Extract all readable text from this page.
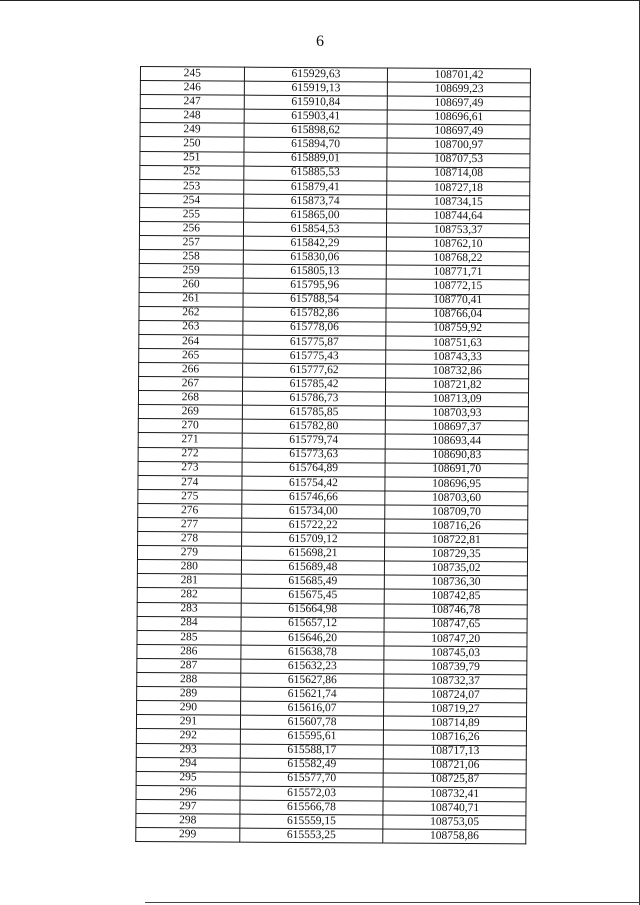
6
245	615929,63	108701,42
246	615919,13	108699,23
247	615910,84	108697,49
248	615903,41	108696,61
249	615898,62	108697,49
250	615894,70	108700,97
251	615889,01	108707,53
252	615885,53	108714,08
253	615879,41	108727,18
254	615873,74	108734,15
255	615865,00	108744,64
256	615854,53	108753,37
257	615842,29	108762,10
258	615830,06	108768,22
259	615805,13	108771,71
260	615795,96	108772,15
261	615788,54	108770,41
262	615782,86	108766,04
263	615778,06	108759,92
264	615775,87	108751,63
265	615775,43	108743,33
266	615777,62	108732,86
267	615785,42	108721,82
268	615786,73	108713,09
269	615785,85	108703,93
270	615782,80	108697,37
271	615779,74	108693,44
272	615773,63	108690,83
273	615764,89	108691,70
274	615754,42	108696,95
275	615746,66	108703,60
276	615734,00	108709,70
277	615722,22	108716,26
278	615709,12	108722,81
279	615698,21	108729,35
280	615689,48	108735,02
281	615685,49	108736,30
282	615675,45	108742,85
283	615664,98	108746,78
284	615657,12	108747,65
285	615646,20	108747,20
286	615638,78	108745,03
287	615632,23	108739,79
288	615627,86	108732,37
289	615621,74	108724,07
290	615616,07	108719,27
291	615607,78	108714,89
292	615595,61	108716,26
293	615588,17	108717,13
294	615582,49	108721,06
295	615577,70	108725,87
296	615572,03	108732,41
297	615566,78	108740,71
298	615559,15	108753,05
299	615553,25	108758,86
